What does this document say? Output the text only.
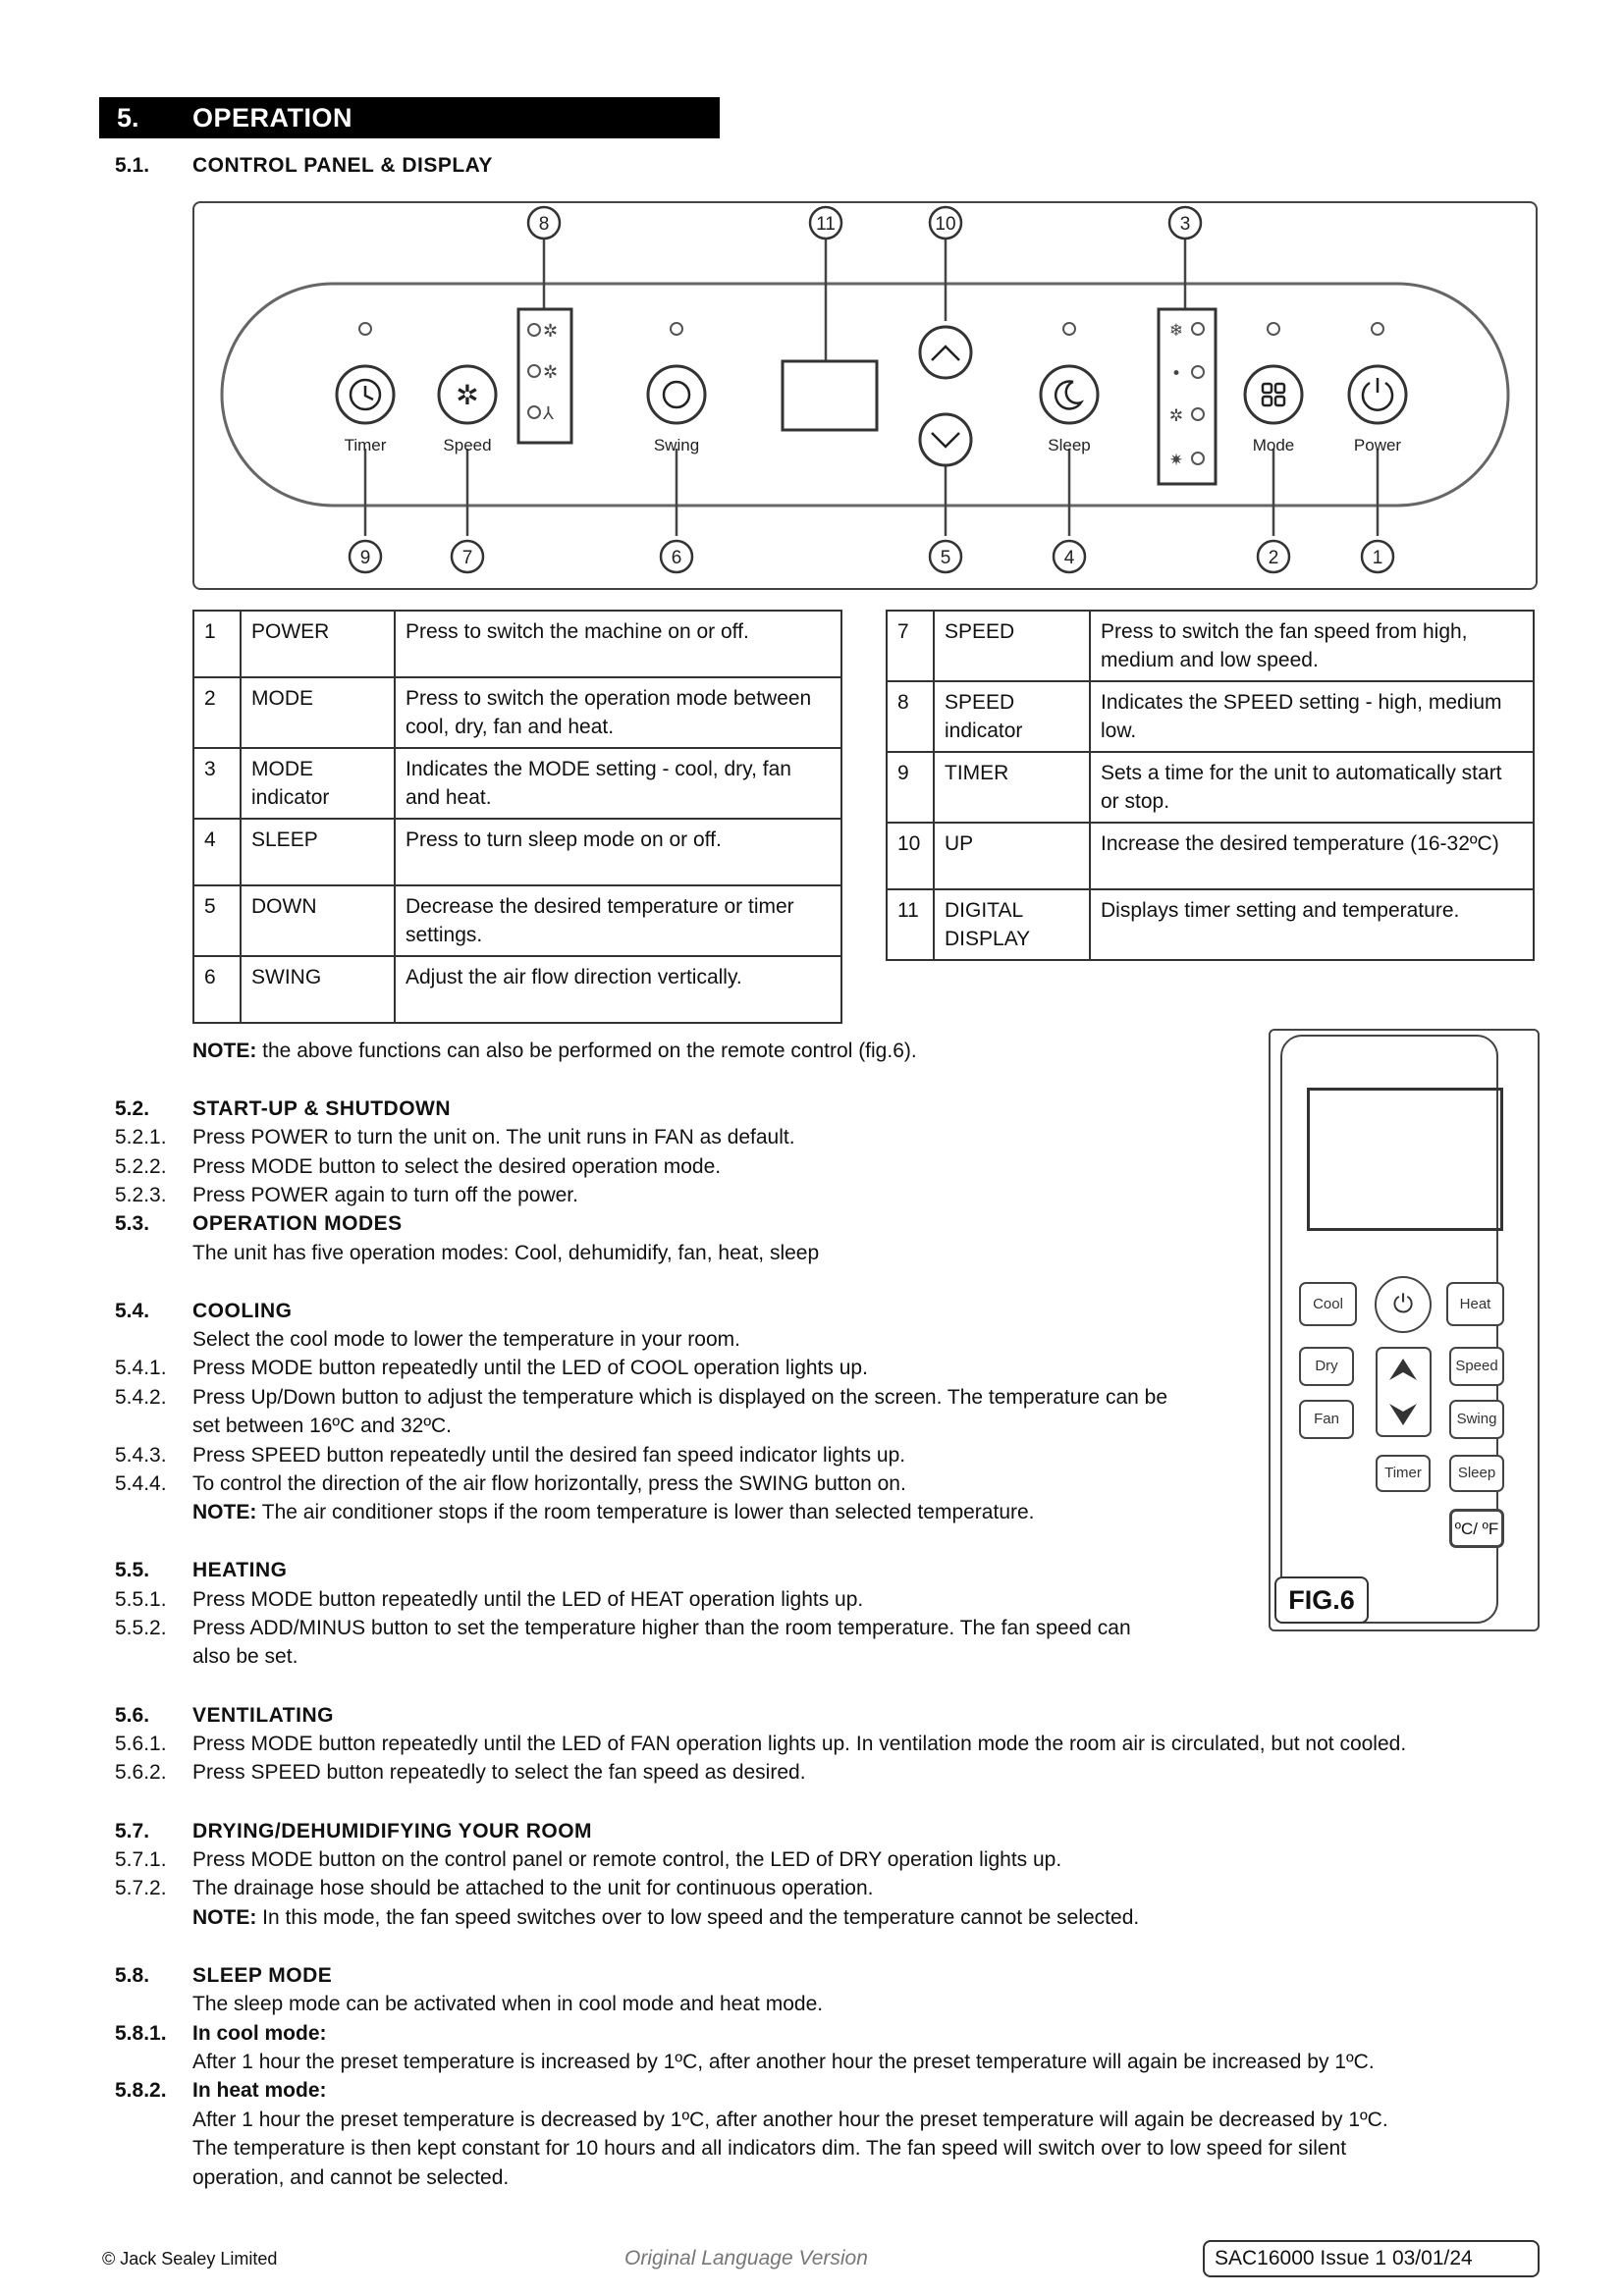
5. OPERATION
5.1. CONTROL PANEL & DISPLAY
8	11	10	3
9	7	6	5	4	2	1
✲
✲
⅄
❄
•
✲
✷
✲
Timer	Speed	Swing	Sleep	Mode	Power
1	POWER	Press to switch the machine on or off.
2	MODE	Press to switch the operation mode between cool, dry, fan and heat.
3	MODE indicator	Indicates the MODE setting - cool, dry, fan and heat.
4	SLEEP	Press to turn sleep mode on or off.
5	DOWN	Decrease the desired temperature or timer settings.
6	SWING	Adjust the air flow direction vertically.
7	SPEED	Press to switch the fan speed from high, medium and low speed.
8	SPEED indicator	Indicates the SPEED setting - high, medium low.
9	TIMER	Sets a time for the unit to automatically start or stop.
10	UP	Increase the desired temperature (16-32ºC)
11	DIGITAL DISPLAY	Displays timer setting and temperature.
NOTE: the above functions can also be performed on the remote control (fig.6).
5.2. START-UP & SHUTDOWN
5.2.1. Press POWER to turn the unit on. The unit runs in FAN as default.
5.2.2. Press MODE button to select the desired operation mode.
5.2.3. Press POWER again to turn off the power.
5.3. OPERATION MODES
The unit has five operation modes: Cool, dehumidify, fan, heat, sleep
5.4. COOLING
Select the cool mode to lower the temperature in your room.
5.4.1. Press MODE button repeatedly until the LED of COOL operation lights up.
5.4.2. Press Up/Down button to adjust the temperature which is displayed on the screen. The temperature can be
set between 16ºC and 32ºC.
5.4.3. Press SPEED button repeatedly until the desired fan speed indicator lights up.
5.4.4. To control the direction of the air flow horizontally, press the SWING button on.
NOTE: The air conditioner stops if the room temperature is lower than selected temperature.
5.5. HEATING
5.5.1. Press MODE button repeatedly until the LED of HEAT operation lights up.
5.5.2. Press ADD/MINUS button to set the temperature higher than the room temperature. The fan speed can
also be set.
5.6. VENTILATING
5.6.1. Press MODE button repeatedly until the LED of FAN operation lights up. In ventilation mode the room air is circulated, but not cooled.
5.6.2. Press SPEED button repeatedly to select the fan speed as desired.
5.7. DRYING/DEHUMIDIFYING YOUR ROOM
5.7.1. Press MODE button on the control panel or remote control, the LED of DRY operation lights up.
5.7.2. The drainage hose should be attached to the unit for continuous operation.
NOTE: In this mode, the fan speed switches over to low speed and the temperature cannot be selected.
5.8. SLEEP MODE
The sleep mode can be activated when in cool mode and heat mode.
5.8.1. In cool mode:
After 1 hour the preset temperature is increased by 1ºC, after another hour the preset temperature will again be increased by 1ºC.
5.8.2. In heat mode:
After 1 hour the preset temperature is decreased by 1ºC, after another hour the preset temperature will again be decreased by 1ºC.
The temperature is then kept constant for 10 hours and all indicators dim. The fan speed will switch over to low speed for silent
operation, and cannot be selected.
Cool	⏻	Heat
Dry	Speed
Fan	Swing
Timer	Sleep
ºC/ ºF
FIG.6
© Jack Sealey Limited	Original Language Version	SAC16000 Issue 1 03/01/24
